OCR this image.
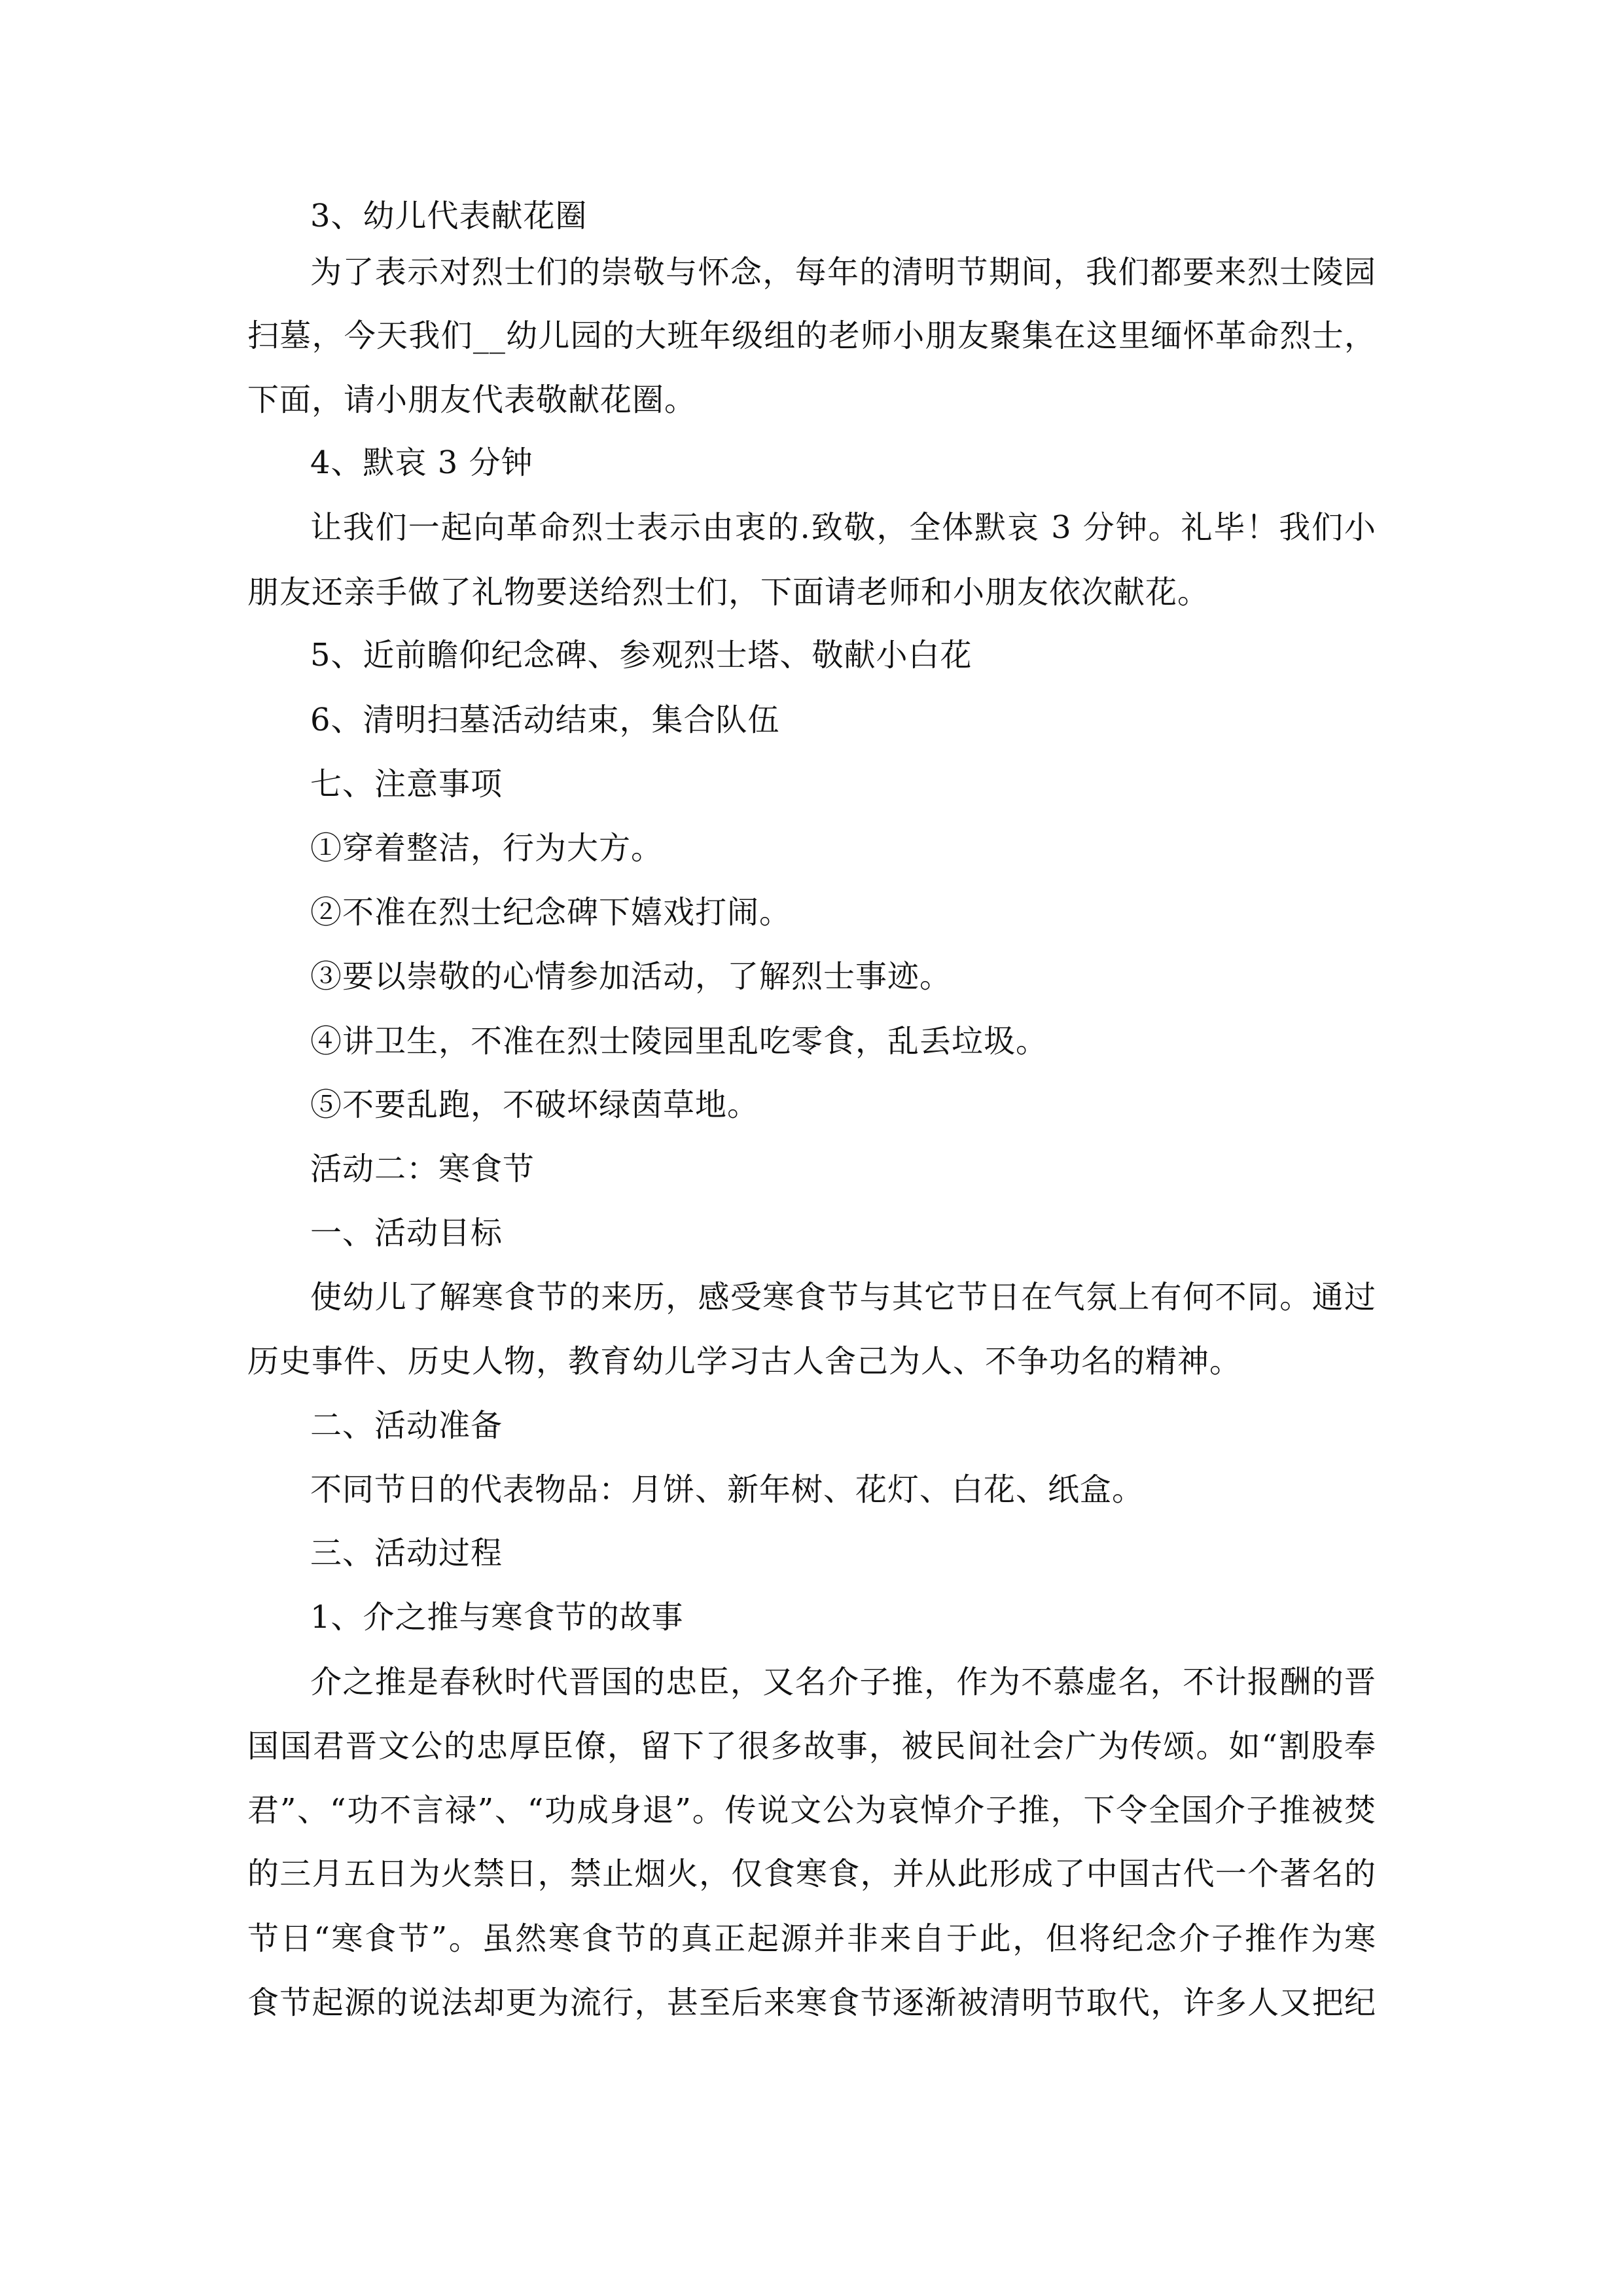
3、幼儿代表献花圈
为了表示对烈士们的崇敬与怀念，每年的清明节期间，我们都要来烈士陵园
扫墓，今天我们__幼儿园的大班年级组的老师小朋友聚集在这里缅怀革命烈士，
下面，请小朋友代表敬献花圈。
4、默哀 3 分钟
让我们一起向革命烈士表示由衷的.致敬，全体默哀 3 分钟。礼毕！我们小
朋友还亲手做了礼物要送给烈士们，下面请老师和小朋友依次献花。
5、近前瞻仰纪念碑、参观烈士塔、敬献小白花
6、清明扫墓活动结束，集合队伍
七、注意事项
①穿着整洁，行为大方。
②不准在烈士纪念碑下嬉戏打闹。
③要以崇敬的心情参加活动，了解烈士事迹。
④讲卫生，不准在烈士陵园里乱吃零食，乱丢垃圾。
⑤不要乱跑，不破坏绿茵草地。
活动二：寒食节
一、活动目标
使幼儿了解寒食节的来历，感受寒食节与其它节日在气氛上有何不同。通过
历史事件、历史人物，教育幼儿学习古人舍己为人、不争功名的精神。
二、活动准备
不同节日的代表物品：月饼、新年树、花灯、白花、纸盒。
三、活动过程
1、介之推与寒食节的故事
介之推是春秋时代晋国的忠臣，又名介子推，作为不慕虚名，不计报酬的晋
国国君晋文公的忠厚臣僚，留下了很多故事，被民间社会广为传颂。如“割股奉
君”、“功不言禄”、“功成身退”。传说文公为哀悼介子推，下令全国介子推被焚
的三月五日为火禁日，禁止烟火，仅食寒食，并从此形成了中国古代一个著名的
节日“寒食节”。虽然寒食节的真正起源并非来自于此，但将纪念介子推作为寒
食节起源的说法却更为流行，甚至后来寒食节逐渐被清明节取代，许多人又把纪
